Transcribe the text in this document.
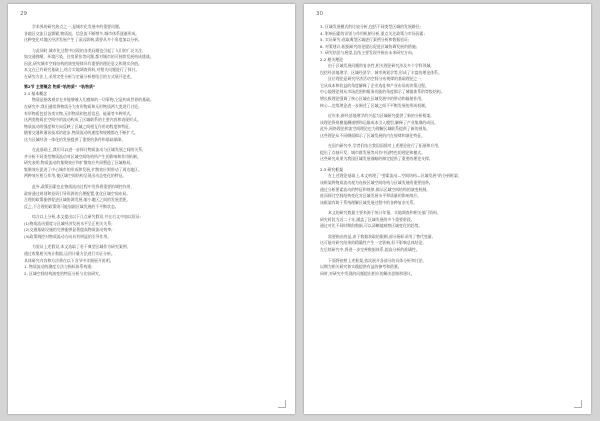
29
学术界的研究热点之一,是城市化发展中的重要问题。
各地区交流日益频繁,物质流、信息流不断增多,城市体系逐渐形成。
这种变化对地区经济发展产生了深远影响,需要从多个角度加以分析。
与此同时,城市化过程中出现的各类问题也引起了人们的广泛关注,
如交通拥堵、环境污染、住房紧张等问题,都对城市的可持续发展构成挑战。
因此,研究城市空间结构的演变规律具有重要的理论意义和现实价值。
本文在已有研究基础上,结合实地调查资料,对相关问题进行了探讨。
在研究方法上,采用定性分析与定量分析相结合的方式展开论述。
第2节 主要概念 物质“轨物质” “轨物质”
2.1 基本概念
物质是指客观存在并能够被人们感知的一切事物,它是构成世界的基础。
在研究中,我们通常将物质分为有形物质和无形物质两大类进行讨论。
有形物质包括各类实物,无形物质则包括信息、能量等多种形式。
这两类物质在空间中的流动构成了区域联系的主要内容和表现形式。
物质流动的强度和方向反映了区域之间相互作用的程度和特征。
随着交通和通讯技术的进步,物质流动的速度和规模都在不断扩大。
这为区域经济一体化的发展提供了重要的条件和基础保障。
在此基础上,我们可以进一步探讨物质流动与区域发展之间的关系,
并分析不同类型物质流动对区域空间结构所产生的影响和作用机制。
研究表明,物质流动的集聚效应和扩散效应共同塑造了区域格局。
集聚效应促进了中心城市的形成和发展,扩散效应则带动了周边地区。
两种效应相互作用,使区域空间结构呈现出动态变化的特征。
此外,政策因素也在物质流动过程中发挥着重要的调控作用,
政府通过规划和投资引导资源的合理配置,优化区域空间布局。
合理的政策能够促进区域协调发展,缩小地区之间的发展差距。
反之,不合理的政策则可能加剧区域发展的不平衡状态。
综合以上分析,本文提出以下几点研究假设,并在后文中加以验证:
(1)物质流动强度与区域经济发展水平呈正相关关系;
(2)交通基础设施的完善能够显著提高物质流动效率;
(3)政策调控对物质流动方向具有明显的引导作用。
为验证上述假设,本文选取了若干典型区域作为研究案例,
通过收集相关统计数据,运用计量方法进行实证分析。
具体研究内容和方法将在以下各节中详细展开说明。
1. 物质流动的测度方法与指标体系构建;
2. 区域空间结构演变的特征分析与比较研究。
30
3. 区域发展模式的比较分析,包括不同类型区域的发展路径;
4. 影响因素的识别与作用机制分析,重点关注政策与市场因素;
5. 实证研究:选取典型区域进行案例分析和数据验证;
6. 对策建议:根据研究结论提出促进区域协调发展的措施;
7. 研究结论与展望,总结主要发现并指出未来研究方向。
2.2 相关理论
由于区域发展问题的复杂性,相关理论研究涉及多个学科领域,
包括经济地理学、区域经济学、城市规划学等,形成了丰富的理论体系。
区位理论是研究经济活动空间分布规律的基础理论之一,
它从成本和收益的角度解释了企业选址和产业布局的决策过程。
中心地理论则从市场范围和服务功能的角度揭示了城镇体系的等级结构。
增长极理论强调了核心区域在区域发展中的带动和辐射作用。
核心—边缘理论进一步阐述了区域之间不平衡发展的形成机制。
近年来,新经济地理学的兴起为区域研究提供了新的分析框架,
该理论将规模报酬递增和运输成本引入模型,解释了产业集聚的成因。
此外,网络理论和流空间理论也为理解区域联系提供了新的视角。
这些理论从不同侧面揭示了区域发展的内在规律和演化特征。
在国内研究中,学者们结合我国国情对上述理论进行了拓展和应用,
提出了点轴开发、城市群发展等具有中国特色的理论和模式。
这些研究成果为我国区域发展战略的制定提供了重要的理论支撑。
2.3 研究框架
在上述理论基础上,本文构建了“要素流动—空间结构—区域发展”的分析框架,
该框架将物质流动视为连接区域空间结构与区域发展的重要纽带。
通过分析要素流动的特征和规律,揭示区域空间结构的演变机制。
进而探讨空间结构变化对区域发展水平和质量的影响效应。
该框架有助于系统理解区域发展过程中的各种复杂关系。
本文的研究数据主要来源于统计年鉴、实地调查和相关部门资料,
研究时段为近二十年,涵盖了区域发展的多个重要阶段。
通过对比不同时期的数据,可以清晰地观察区域变化的趋势。
需要指出的是,由于数据获取的限制,部分指标采用了替代变量,
这可能对研究结果的精确性产生一定影响,但不影响总体结论。
在后续研究中,将进一步完善数据体系,提高分析的准确性。
下面将按照上述框架,依次展开各部分的具体分析和讨论,
以期为相关研究和实践提供有益的参考和借鉴。
同时,对研究中发现的问题提出相应的解决思路和建议。
